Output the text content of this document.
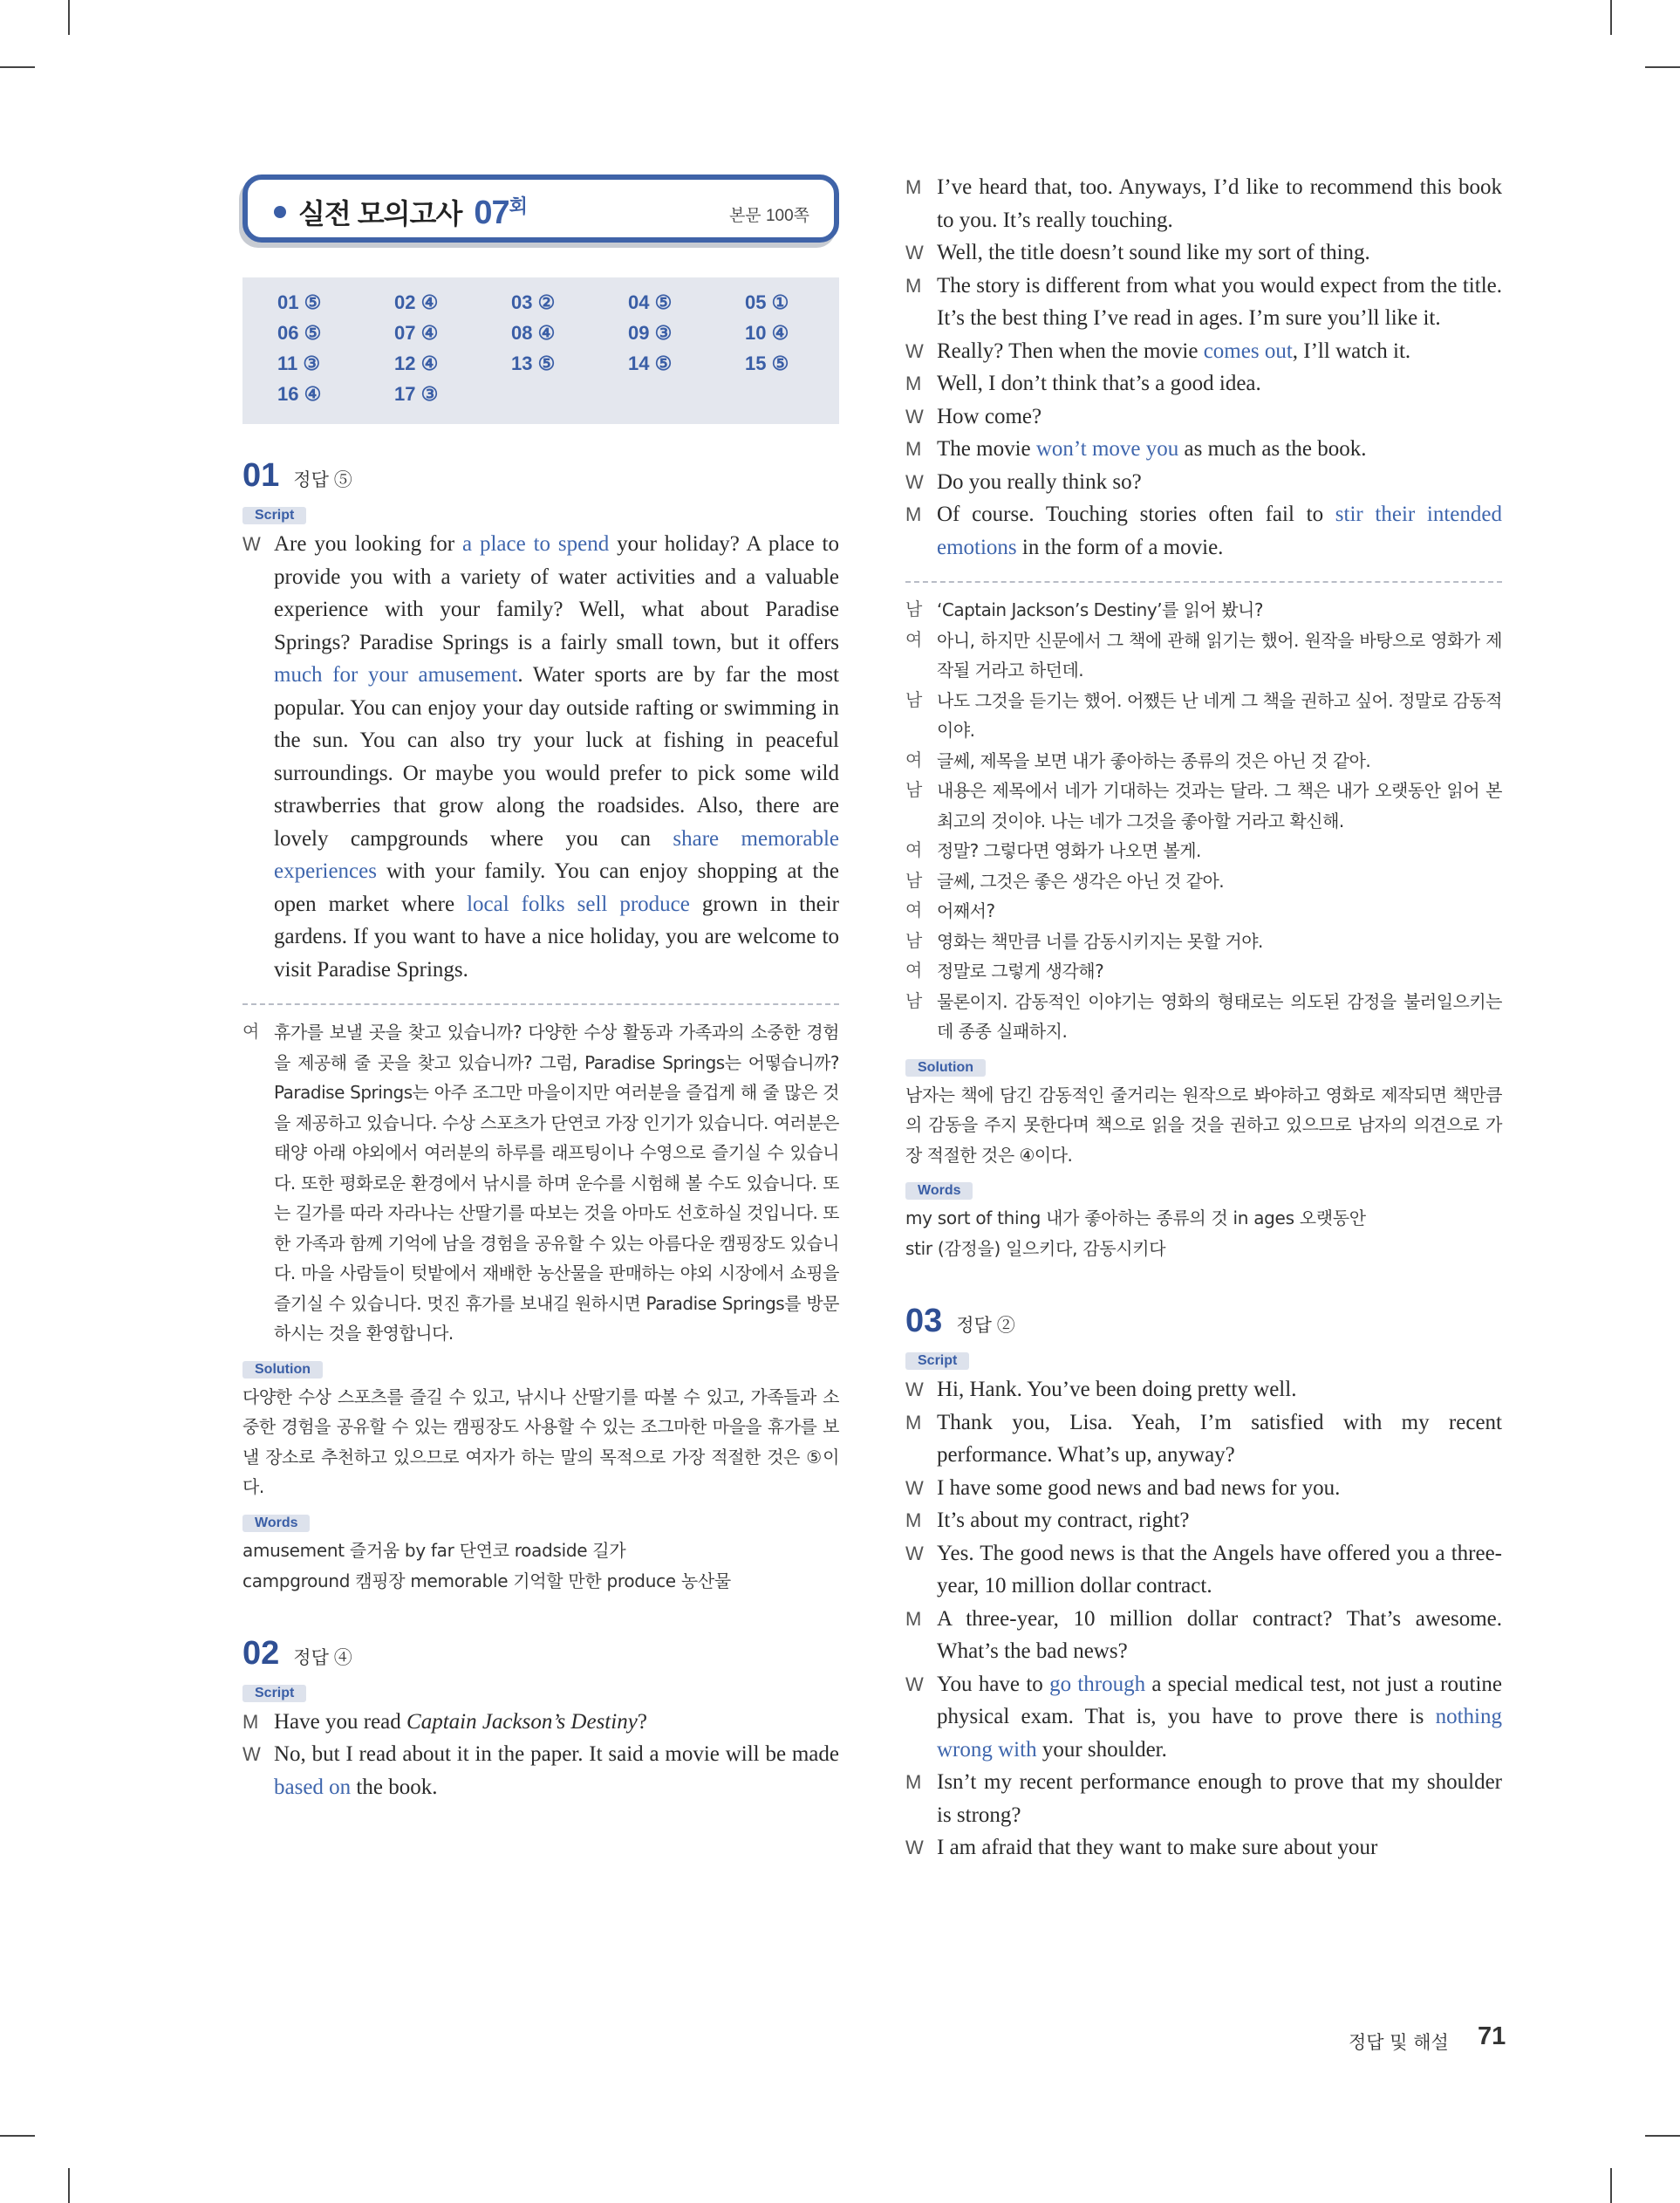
실전 모의고사 $07^회$	본문 100쪽
01 ⑤	02 ④	03 ②	04 ⑤	05 ①
06 ⑤	07 ④	08 ④	09 ③	10 ④
11 ③	12 ④	13 ⑤	14 ⑤	15 ⑤
16 ④	17 ③
01 정답 ⑤
Script
W Are you looking for a place to spend your holiday? A place to provide you with a variety of water activities and a valuable experience with your family? Well, what about Paradise Springs? Paradise Springs is a fairly small town, but it offers much for your amusement. Water sports are by far the most popular. You can enjoy your day outside rafting or swimming in the sun. You can also try your luck at fishing in peaceful surroundings. Or maybe you would prefer to pick some wild strawberries that grow along the roadsides. Also, there are lovely campgrounds where you can share memorable experiences with your family. You can enjoy shopping at the open market where local folks sell produce grown in their gardens. If you want to have a nice holiday, you are welcome to visit Paradise Springs.
여 휴가를 보낼 곳을 찾고 있습니까? 다양한 수상 활동과 가족과의 소중한 경험을 제공해 줄 곳을 찾고 있습니까? 그럼, Paradise Springs는 어떻습니까? Paradise Springs는 아주 조그만 마을이지만 여러분을 즐겁게 해 줄 많은 것을 제공하고 있습니다. 수상 스포츠가 단연코 가장 인기가 있습니다. 여러분은 태양 아래 야외에서 여러분의 하루를 래프팅이나 수영으로 즐기실 수 있습니다. 또한 평화로운 환경에서 낚시를 하며 운수를 시험해 볼 수도 있습니다. 또는 길가를 따라 자라나는 산딸기를 따보는 것을 아마도 선호하실 것입니다. 또한 가족과 함께 기억에 남을 경험을 공유할 수 있는 아름다운 캠핑장도 있습니다. 마을 사람들이 텃밭에서 재배한 농산물을 판매하는 야외 시장에서 쇼핑을 즐기실 수 있습니다. 멋진 휴가를 보내길 원하시면 Paradise Springs를 방문하시는 것을 환영합니다.
Solution
다양한 수상 스포츠를 즐길 수 있고, 낚시나 산딸기를 따볼 수 있고, 가족들과 소중한 경험을 공유할 수 있는 캠핑장도 사용할 수 있는 조그마한 마을을 휴가를 보낼 장소로 추천하고 있으므로 여자가 하는 말의 목적으로 가장 적절한 것은 ⑤이다.
Words
amusement 즐거움 by far 단연코 roadside 길가
campground 캠핑장 memorable 기억할 만한 produce 농산물
02 정답 ④
Script
M Have you read Captain Jackson’s Destiny?
W No, but I read about it in the paper. It said a movie will be made based on the book.
M I’ve heard that, too. Anyways, I’d like to recommend this book to you. It’s really touching.
W Well, the title doesn’t sound like my sort of thing.
M The story is different from what you would expect from the title. It’s the best thing I’ve read in ages. I’m sure you’ll like it.
W Really? Then when the movie comes out, I’ll watch it.
M Well, I don’t think that’s a good idea.
W How come?
M The movie won’t move you as much as the book.
W Do you really think so?
M Of course. Touching stories often fail to stir their intended emotions in the form of a movie.
남 ‘Captain Jackson’s Destiny’를 읽어 봤니?
여 아니, 하지만 신문에서 그 책에 관해 읽기는 했어. 원작을 바탕으로 영화가 제작될 거라고 하던데.
남 나도 그것을 듣기는 했어. 어쨌든 난 네게 그 책을 권하고 싶어. 정말로 감동적이야.
여 글쎄, 제목을 보면 내가 좋아하는 종류의 것은 아닌 것 같아.
남 내용은 제목에서 네가 기대하는 것과는 달라. 그 책은 내가 오랫동안 읽어 본 최고의 것이야. 나는 네가 그것을 좋아할 거라고 확신해.
여 정말? 그렇다면 영화가 나오면 볼게.
남 글쎄, 그것은 좋은 생각은 아닌 것 같아.
여 어째서?
남 영화는 책만큼 너를 감동시키지는 못할 거야.
여 정말로 그렇게 생각해?
남 물론이지. 감동적인 이야기는 영화의 형태로는 의도된 감정을 불러일으키는 데 종종 실패하지.
Solution
남자는 책에 담긴 감동적인 줄거리는 원작으로 봐야하고 영화로 제작되면 책만큼의 감동을 주지 못한다며 책으로 읽을 것을 권하고 있으므로 남자의 의견으로 가장 적절한 것은 ④이다.
Words
my sort of thing 내가 좋아하는 종류의 것 in ages 오랫동안
stir (감정을) 일으키다, 감동시키다
03 정답 ②
Script
W Hi, Hank. You’ve been doing pretty well.
M Thank you, Lisa. Yeah, I’m satisfied with my recent performance. What’s up, anyway?
W I have some good news and bad news for you.
M It’s about my contract, right?
W Yes. The good news is that the Angels have offered you a three-year, 10 million dollar contract.
M A three-year, 10 million dollar contract? That’s awesome. What’s the bad news?
W You have to go through a special medical test, not just a routine physical exam. That is, you have to prove there is nothing wrong with your shoulder.
M Isn’t my recent performance enough to prove that my shoulder is strong?
W I am afraid that they want to make sure about your
정답 및 해설 71
